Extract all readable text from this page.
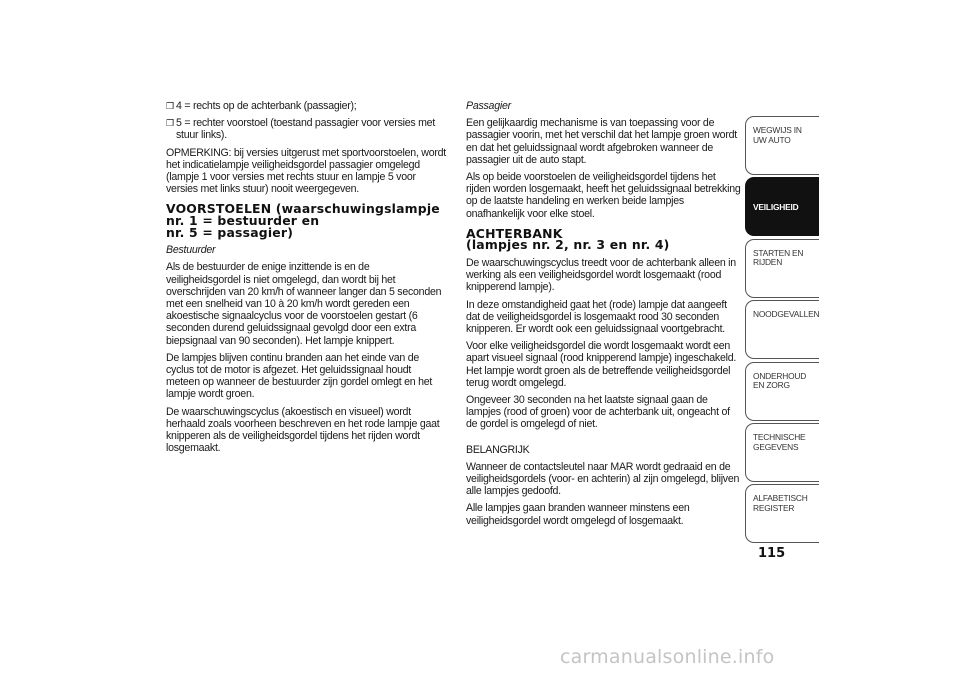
❒ 4 = rechts op de achterbank (passagier);
❒ 5 = rechter voorstoel (toestand passagier voor versies met stuur links).

OPMERKING: bij versies uitgerust met sportvoorstoelen, wordt het indicatielampje veiligheidsgordel passagier omgelegd (lampje 1 voor versies met rechts stuur en lampje 5 voor versies met links stuur) nooit weergegeven.

VOORSTOELEN (waarschuwingslampje
nr. 1 = bestuurder en
nr. 5 = passagier)

Bestuurder

Als de bestuurder de enige inzittende is en de veiligheidsgordel is niet omgelegd, dan wordt bij het overschrijden van 20 km/h of wanneer langer dan 5 seconden met een snelheid van 10 à 20 km/h wordt gereden een akoestische signaalcyclus voor de voorstoelen gestart (6 seconden durend geluidssignaal gevolgd door een extra biepsignaal van 90 seconden). Het lampje knippert.

De lampjes blijven continu branden aan het einde van de cyclus tot de motor is afgezet. Het geluidssignaal houdt meteen op wanneer de bestuurder zijn gordel omlegt en het lampje wordt groen.

De waarschuwingscyclus (akoestisch en visueel) wordt herhaald zoals voorheen beschreven en het rode lampje gaat knipperen als de veiligheidsgordel tijdens het rijden wordt losgemaakt.

Passagier

Een gelijkaardig mechanisme is van toepassing voor de passagier voorin, met het verschil dat het lampje groen wordt en dat het geluidssignaal wordt afgebroken wanneer de passagier uit de auto stapt.

Als op beide voorstoelen de veiligheidsgordel tijdens het rijden worden losgemaakt, heeft het geluidssignaal betrekking op de laatste handeling en werken beide lampjes onafhankelijk voor elke stoel.

ACHTERBANK
(lampjes nr. 2, nr. 3 en nr. 4)

De waarschuwingscyclus treedt voor de achterbank alleen in werking als een veiligheidsgordel wordt losgemaakt (rood knipperend lampje).

In deze omstandigheid gaat het (rode) lampje dat aangeeft dat de veiligheidsgordel is losgemaakt rood 30 seconden knipperen. Er wordt ook een geluidssignaal voortgebracht.

Voor elke veiligheidsgordel die wordt losgemaakt wordt een apart visueel signaal (rood knipperend lampje) ingeschakeld. Het lampje wordt groen als de betreffende veiligheidsgordel terug wordt omgelegd.

Ongeveer 30 seconden na het laatste signaal gaan de lampjes (rood of groen) voor de achterbank uit, ongeacht of de gordel is omgelegd of niet.

BELANGRIJK

Wanneer de contactsleutel naar MAR wordt gedraaid en de veiligheidsgordels (voor- en achterin) al zijn omgelegd, blijven alle lampjes gedoofd.

Alle lampjes gaan branden wanneer minstens een veiligheidsgordel wordt omgelegd of losgemaakt.

WEGWIJS IN UW AUTO
VEILIGHEID
STARTEN EN RIJDEN
NOODGEVALLEN
ONDERHOUD EN ZORG
TECHNISCHE GEGEVENS
ALFABETISCH REGISTER
115
carmanualsonline.info
